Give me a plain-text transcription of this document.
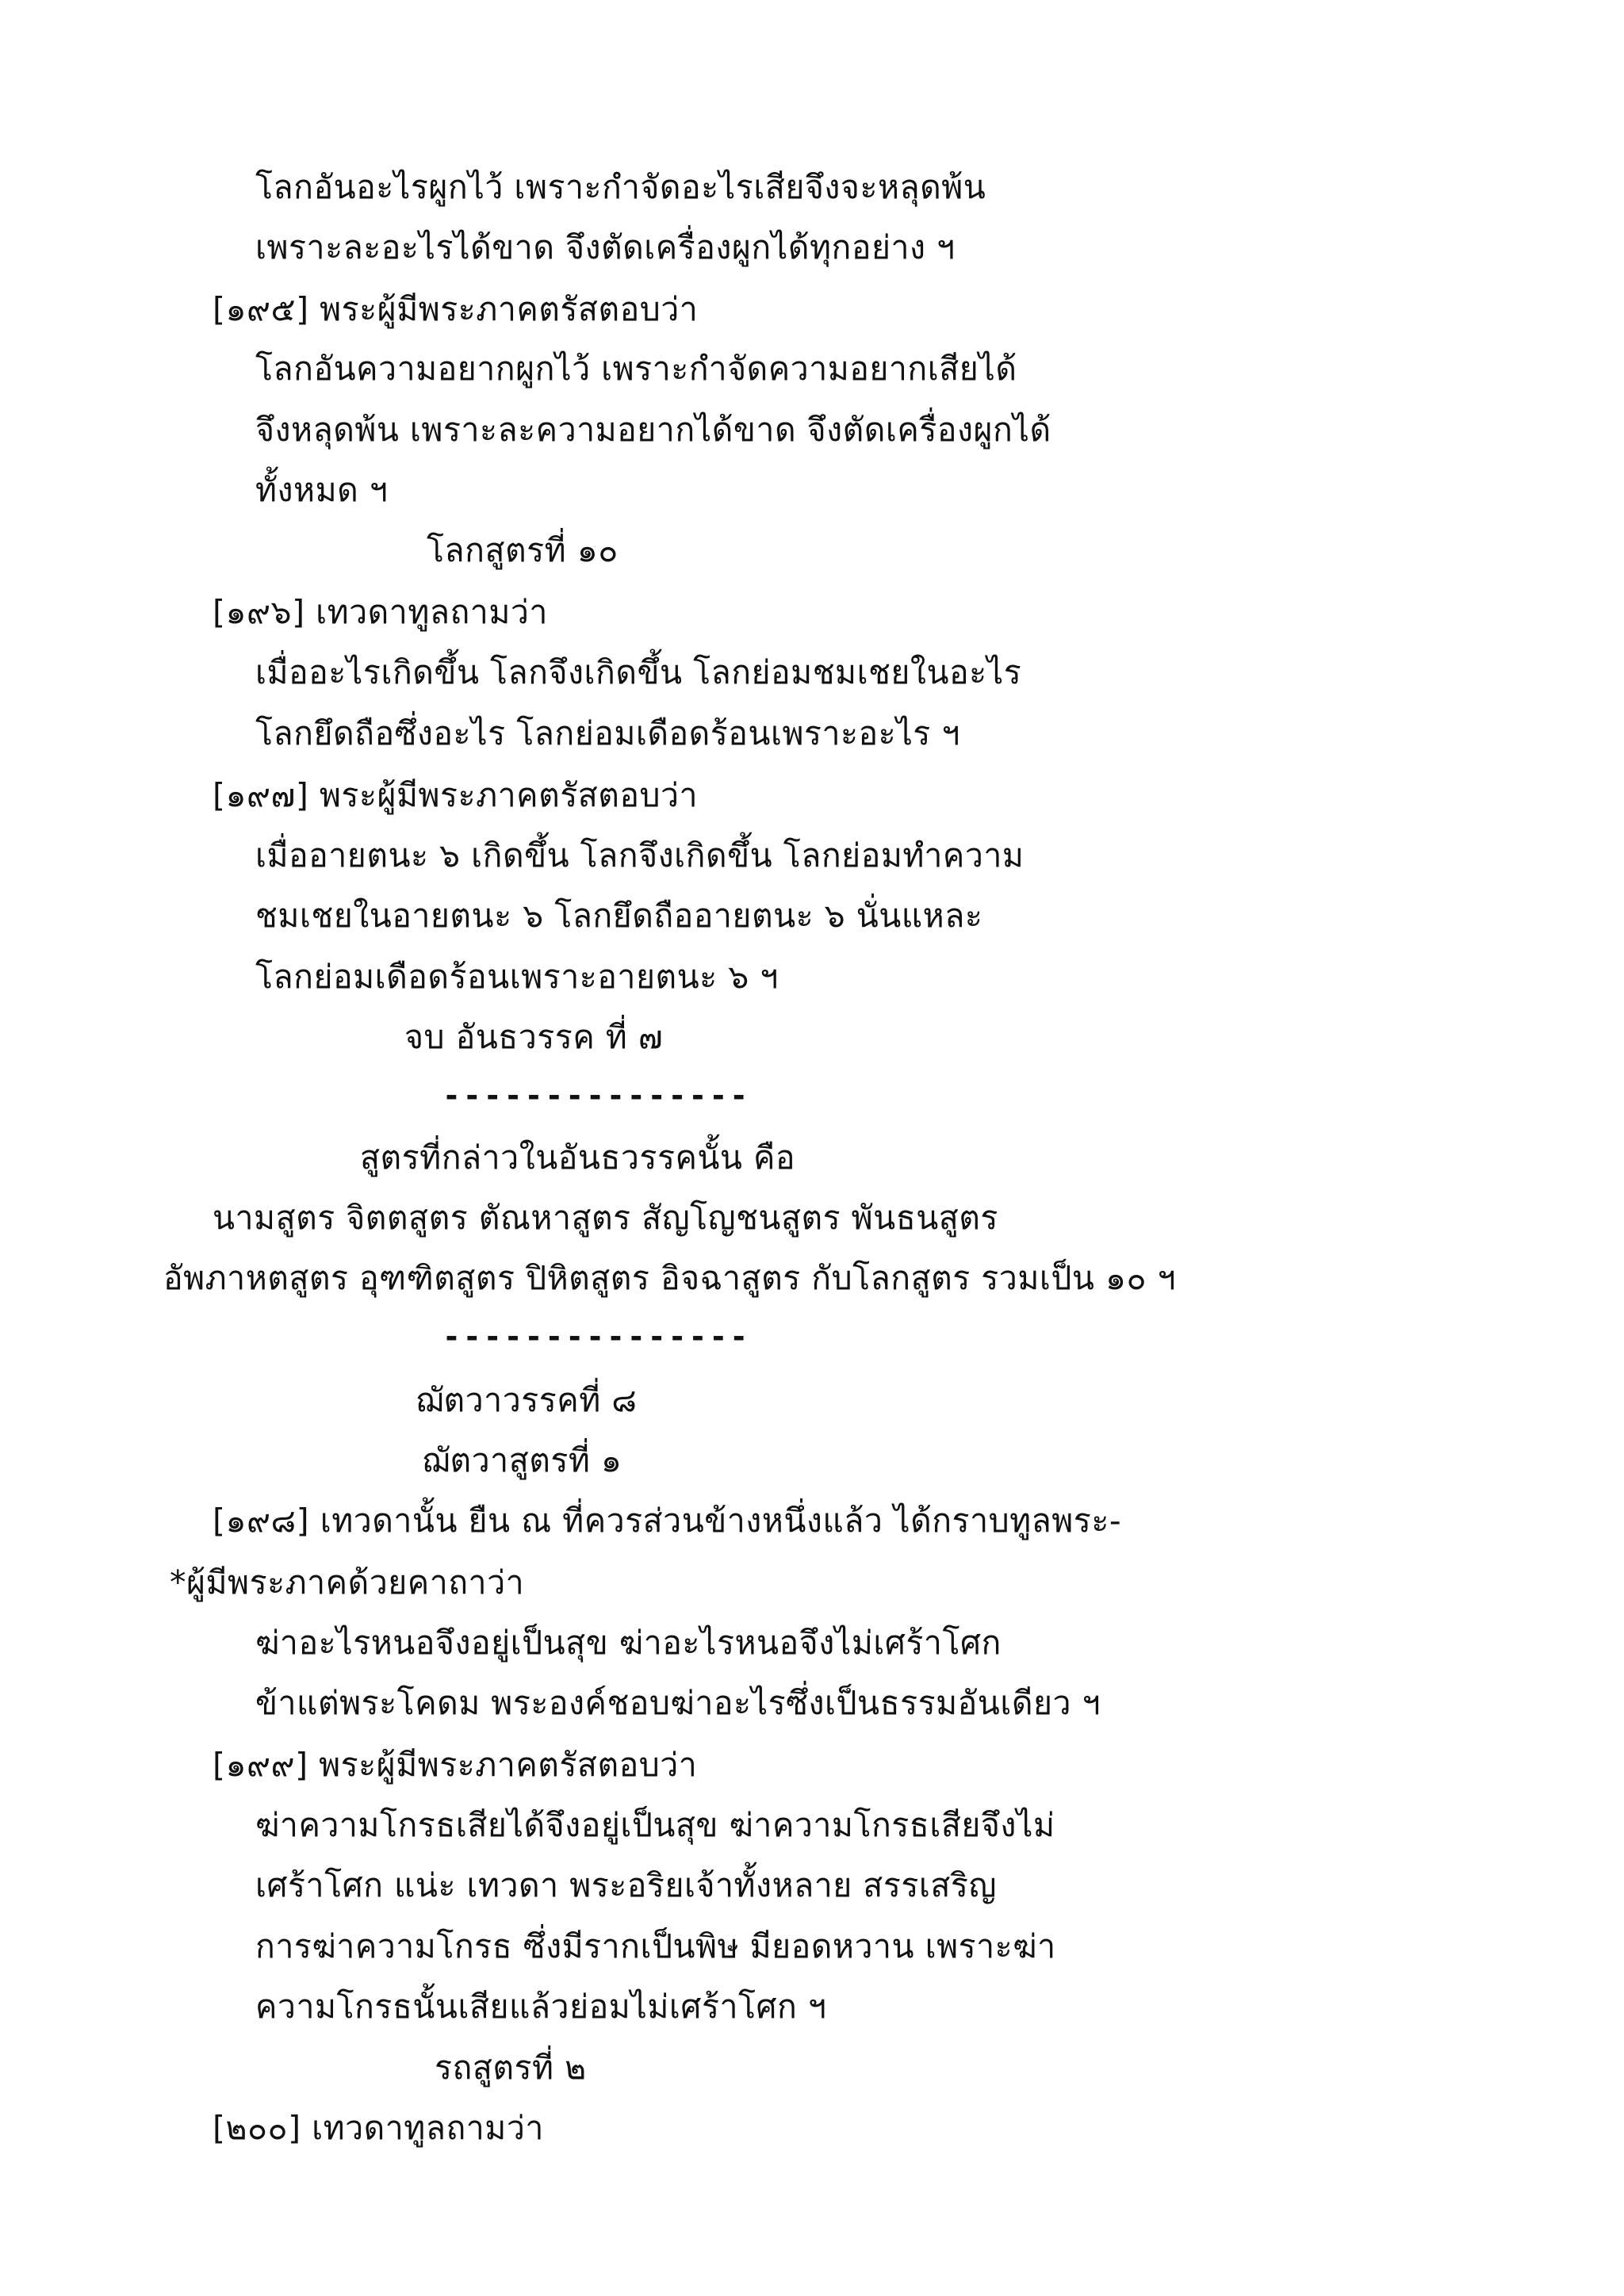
โลกอันอะไรผูกไว้ เพราะกำจัดอะไรเสียจึงจะหลุดพ้น
เพราะละอะไรได้ขาด จึงตัดเครื่องผูกได้ทุกอย่าง ฯ
[๑๙๕] พระผู้มีพระภาคตรัสตอบว่า
โลกอันความอยากผูกไว้ เพราะกำจัดความอยากเสียได้
จึงหลุดพ้น เพราะละความอยากได้ขาด จึงตัดเครื่องผูกได้
ทั้งหมด ฯ
โลกสูตรที่ ๑๐
[๑๙๖] เทวดาทูลถามว่า
เมื่ออะไรเกิดขึ้น โลกจึงเกิดขึ้น โลกย่อมชมเชยในอะไร
โลกยึดถือซึ่งอะไร โลกย่อมเดือดร้อนเพราะอะไร ฯ
[๑๙๗] พระผู้มีพระภาคตรัสตอบว่า
เมื่ออายตนะ ๖ เกิดขึ้น โลกจึงเกิดขึ้น โลกย่อมทำความ
ชมเชยในอายตนะ ๖ โลกยึดถืออายตนะ ๖ นั่นแหละ
โลกย่อมเดือดร้อนเพราะอายตนะ ๖ ฯ
จบ อันธวรรค ที่ ๗
---------------
สูตรที่กล่าวในอันธวรรคนั้น คือ
นามสูตร จิตตสูตร ตัณหาสูตร สัญโญชนสูตร พันธนสูตร
อัพภาหตสูตร อุฑฑิตสูตร ปิหิตสูตร อิจฉาสูตร กับโลกสูตร รวมเป็น ๑๐ ฯ
---------------
ฌัตวาวรรคที่ ๘
ฌัตวาสูตรที่ ๑
[๑๙๘] เทวดานั้น ยืน ณ ที่ควรส่วนข้างหนึ่งแล้ว ได้กราบทูลพระ-
*ผู้มีพระภาคด้วยคาถาว่า
ฆ่าอะไรหนอจึงอยู่เป็นสุข ฆ่าอะไรหนอจึงไม่เศร้าโศก
ข้าแต่พระโคดม พระองค์ชอบฆ่าอะไรซึ่งเป็นธรรมอันเดียว ฯ
[๑๙๙] พระผู้มีพระภาคตรัสตอบว่า
ฆ่าความโกรธเสียได้จึงอยู่เป็นสุข ฆ่าความโกรธเสียจึงไม่
เศร้าโศก แน่ะ เทวดา พระอริยเจ้าทั้งหลาย สรรเสริญ
การฆ่าความโกรธ ซึ่งมีรากเป็นพิษ มียอดหวาน เพราะฆ่า
ความโกรธนั้นเสียแล้วย่อมไม่เศร้าโศก ฯ
รถสูตรที่ ๒
[๒๐๐] เทวดาทูลถามว่า
